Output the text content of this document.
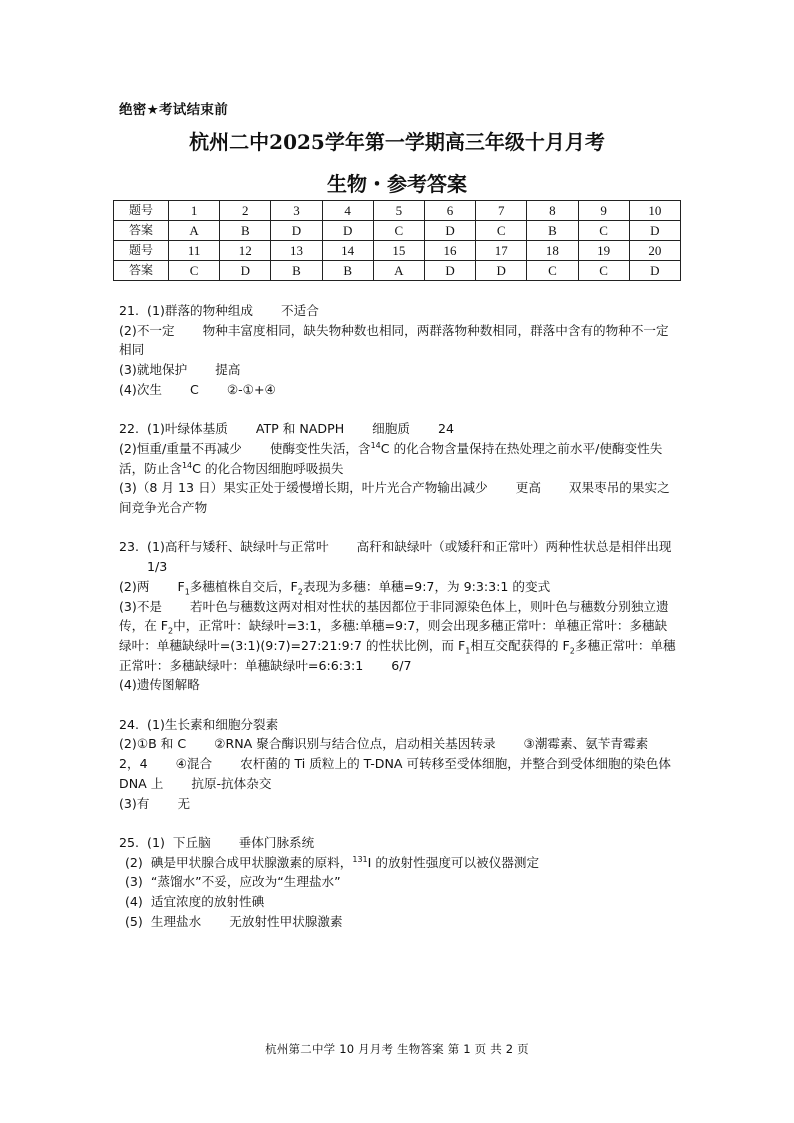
绝密★考试结束前
杭州二中2025学年第一学期高三年级十月月考
生物・参考答案
题号	1	2	3	4	5	6	7	8	9	10
答案	A	B	D	D	C	D	C	B	C	D
题号	11	12	13	14	15	16	17	18	19	20
答案	C	D	B	B	A	D	D	C	C	D
21.  (1)群落的物种组成 不适合
(2)不一定 物种丰富度相同，缺失物种数也相同，两群落物种数相同，群落中含有的物种不一定相同
(3)就地保护 提高
(4)次生 C ②-①+④
22.  (1)叶绿体基质 ATP 和 NADPH 细胞质 24
(2)恒重/重量不再减少 使酶变性失活，含$^{14}$C 的化合物含量保持在热处理之前水平/使酶变性失活，防止含$^{14}$C 的化合物因细胞呼吸损失
(3)（8 月 13 日）果实正处于缓慢增长期，叶片光合产物输出减少 更高 双果枣吊的果实之间竞争光合产物
23.  (1)高秆与矮秆、缺绿叶与正常叶 高秆和缺绿叶（或矮秆和正常叶）两种性状总是相伴出现1/3
(2)两 $F_1$多穗植株自交后，$F_2$表现为多穗：单穗=9:7，为 9:3:3:1 的变式
(3)不是 若叶色与穗数这两对相对性状的基因都位于非同源染色体上，则叶色与穗数分别独立遗传，在 $F_2$中，正常叶：缺绿叶=3:1，多穗:单穗=9:7，则会出现多穗正常叶：单穗正常叶：多穗缺绿叶：单穗缺绿叶=(3:1)(9:7)=27:21:9:7 的性状比例，而 $F_1$相互交配获得的 $F_2$多穗正常叶：单穗正常叶：多穗缺绿叶：单穗缺绿叶=6:6:3:1 6/7
(4)遗传图解略
24.  (1)生长素和细胞分裂素
(2)①B 和 C ②RNA 聚合酶识别与结合位点，启动相关基因转录 ③潮霉素、氨苄青霉素2，4 ④混合 农杆菌的 Ti 质粒上的 T-DNA 可转移至受体细胞，并整合到受体细胞的染色体 DNA 上 抗原-抗体杂交
(3)有 无
25.  (1)  下丘脑 垂体门脉系统
(2)  碘是甲状腺合成甲状腺激素的原料，$^{131}$I 的放射性强度可以被仪器测定
(3)  “蒸馏水”不妥，应改为“生理盐水”
(4)  适宜浓度的放射性碘
(5)  生理盐水 无放射性甲状腺激素
杭州第二中学 10 月月考 生物答案 第 1 页 共 2 页
